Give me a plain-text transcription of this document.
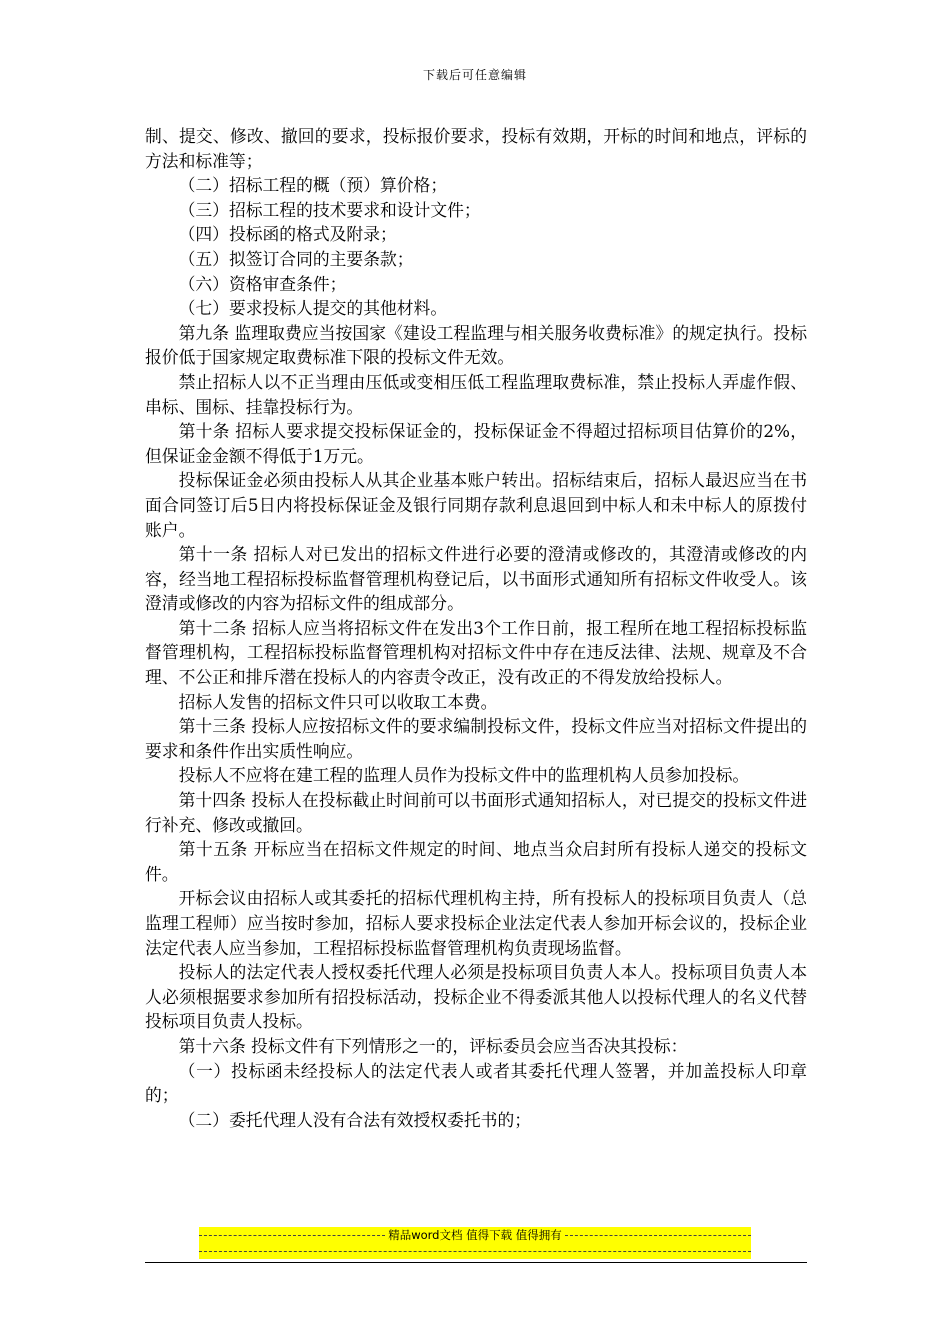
下载后可任意编辑

制、提交、修改、撤回的要求，投标报价要求，投标有效期，开标的时间和地点，评标的方法和标准等；

（二）招标工程的概（预）算价格；

（三）招标工程的技术要求和设计文件；

（四）投标函的格式及附录；

（五）拟签订合同的主要条款；

（六）资格审查条件；

（七）要求投标人提交的其他材料。

第九条 监理取费应当按国家《建设工程监理与相关服务收费标准》的规定执行。投标报价低于国家规定取费标准下限的投标文件无效。

禁止招标人以不正当理由压低或变相压低工程监理取费标准，禁止投标人弄虚作假、串标、围标、挂靠投标行为。

第十条 招标人要求提交投标保证金的，投标保证金不得超过招标项目估算价的2%，但保证金金额不得低于1万元。

投标保证金必须由投标人从其企业基本账户转出。招标结束后，招标人最迟应当在书面合同签订后5日内将投标保证金及银行同期存款利息退回到中标人和未中标人的原拨付账户。

第十一条 招标人对已发出的招标文件进行必要的澄清或修改的，其澄清或修改的内容，经当地工程招标投标监督管理机构登记后，以书面形式通知所有招标文件收受人。该澄清或修改的内容为招标文件的组成部分。

第十二条 招标人应当将招标文件在发出3个工作日前，报工程所在地工程招标投标监督管理机构，工程招标投标监督管理机构对招标文件中存在违反法律、法规、规章及不合理、不公正和排斥潜在投标人的内容责令改正，没有改正的不得发放给投标人。

招标人发售的招标文件只可以收取工本费。

第十三条 投标人应按招标文件的要求编制投标文件，投标文件应当对招标文件提出的要求和条件作出实质性响应。

投标人不应将在建工程的监理人员作为投标文件中的监理机构人员参加投标。

第十四条 投标人在投标截止时间前可以书面形式通知招标人，对已提交的投标文件进行补充、修改或撤回。

第十五条 开标应当在招标文件规定的时间、地点当众启封所有投标人递交的投标文件。

开标会议由招标人或其委托的招标代理机构主持，所有投标人的投标项目负责人（总监理工程师）应当按时参加，招标人要求投标企业法定代表人参加开标会议的，投标企业法定代表人应当参加，工程招标投标监督管理机构负责现场监督。

投标人的法定代表人授权委托代理人必须是投标项目负责人本人。投标项目负责人本人必须根据要求参加所有招投标活动，投标企业不得委派其他人以投标代理人的名义代替投标项目负责人投标。

第十六条 投标文件有下列情形之一的，评标委员会应当否决其投标：

（一）投标函未经投标人的法定代表人或者其委托代理人签署，并加盖投标人印章的；

（二）委托代理人没有合法有效授权委托书的；

精品word文档 值得下载 值得拥有
